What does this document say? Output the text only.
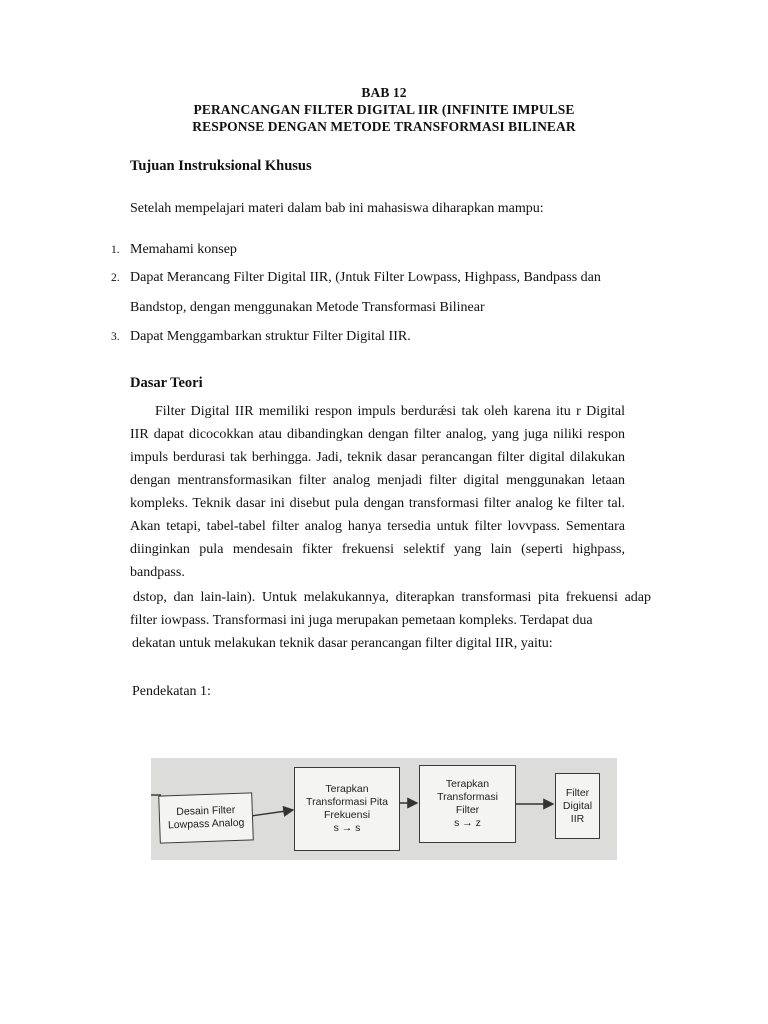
BAB 12
PERANCANGAN FILTER DIGITAL IIR (INFINITE IMPULSE
RESPONSE DENGAN METODE TRANSFORMASI BILINEAR
Tujuan Instruksional Khusus
Setelah mempelajari materi dalam bab ini mahasiswa diharapkan mampu:
1. Memahami konsep
2. Dapat Merancang Filter Digital IIR, (Jntuk Filter Lowpass, Highpass, Bandpass dan
Bandstop, dengan menggunakan Metode Transformasi Bilinear
3. Dapat Menggambarkan struktur Filter Digital IIR.
Dasar Teori
Filter Digital IIR memiliki respon impuls berdurǽsi tak oleh karena itu r Digital
IIR dapat dicocokkan atau dibandingkan dengan filter analog, yang juga niliki respon
impuls berdurasi tak berhingga. Jadi, teknik dasar perancangan filter digital dilakukan
dengan mentransformasikan filter analog menjadi filter digital menggunakan letaan
kompleks. Teknik dasar ini disebut pula dengan transformasi filter analog ke filter tal.
Akan tetapi, tabel-tabel filter analog hanya tersedia untuk filter lovvpass. Sementara
diinginkan pula mendesain fikter frekuensi selektif yang lain (seperti highpass,
bandpass.
dstop, dan lain-lain). Untuk melakukannya, diterapkan transformasi pita frekuensi adap
filter iowpass. Transformasi ini juga merupakan pemetaan kompleks. Terdapat dua
dekatan untuk melakukan teknik dasar perancangan filter digital IIR, yaitu:
Pendekatan 1:
Desain Filter
Lowpass Analog
Terapkan
Transformasi Pita
Frekuensi
s → s
Terapkan
Transformasi
Filter
s → z
Filter
Digital
IIR
